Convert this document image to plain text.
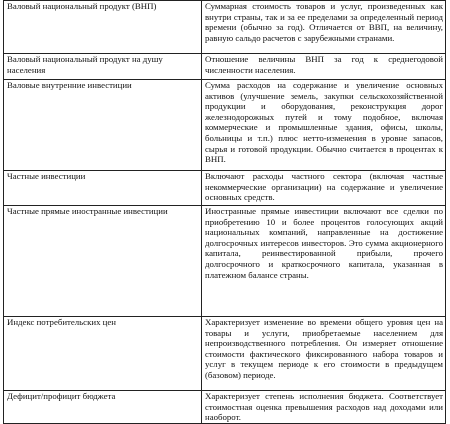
Валовый национальный продукт (ВНП)	Суммарная стоимость товаров и услуг, произведенных как внутри страны, так и за ее пределами за определенный период времени (обычно за год). Отличается от ВВП, на величину, равную сальдо расчетов с зарубежными странами.
Валовый национальный продукт на душу населения	Отношение величины ВНП за год к среднегодовой численности населения.
Валовые внутренние инвестиции	Сумма расходов на содержание и увеличение основных активов (улучшение земель, закупки сельскохозяйственной продукции и оборудования, реконструкция дорог железнодорожных путей и тому подобное, включая коммерческие и промышленные здания, офисы, школы, больницы и т.п.) плюс нетто-изменения в уровне запасов, сырья и готовой продукции. Обычно считается в процентах к ВНП.
Частные инвестиции	Включают расходы частного сектора (включая частные некоммерческие организации) на содержание и увеличение основных средств.
Частные прямые иностранные инвестиции	Иностранные прямые инвестиции включают все сделки по приобретению 10 и более процентов голосующих акций национальных компаний, направленные на достижение долгосрочных интересов инвесторов. Это сумма акционерного капитала, реинвестированной прибыли, прочего долгосрочного и краткосрочного капитала, указанная в платежном балансе страны.
Индекс потребительских цен	Характеризует изменение во времени общего уровня цен на товары и услуги, приобретаемые населением для непроизводственного потребления. Он измеряет отношение стоимости фактического фиксированного набора товаров и услуг в текущем периоде к его стоимости в предыдущем (базовом) периоде.
Дефицит/профицит бюджета	Характеризует степень исполнения бюджета. Соответствует стоимостная оценка превышения расходов над доходами или наоборот.
